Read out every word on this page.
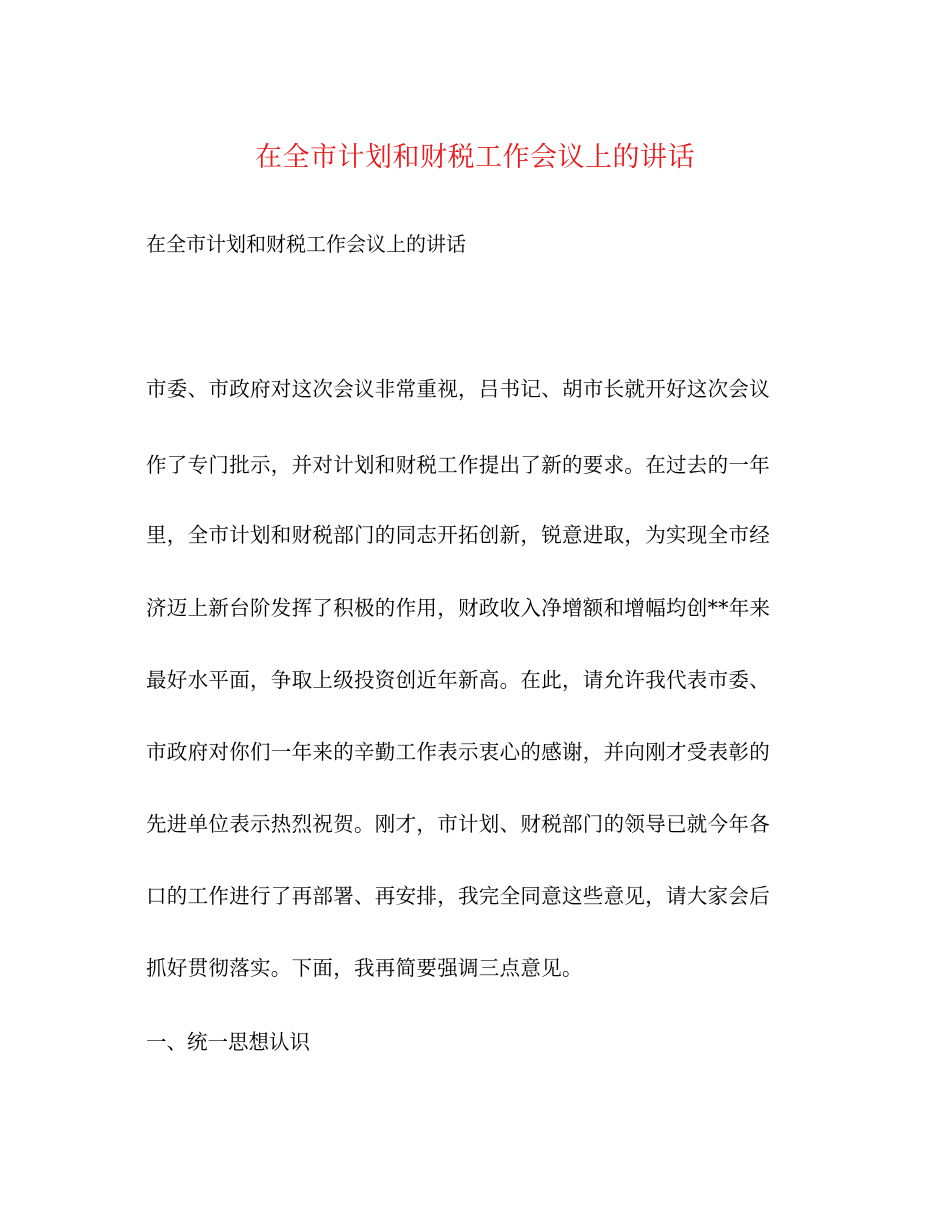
在全市计划和财税工作会议上的讲话
在全市计划和财税工作会议上的讲话
市委、市政府对这次会议非常重视，吕书记、胡市长就开好这次会议
作了专门批示，并对计划和财税工作提出了新的要求。在过去的一年
里，全市计划和财税部门的同志开拓创新，锐意进取，为实现全市经
济迈上新台阶发挥了积极的作用，财政收入净增额和增幅均创**年来
最好水平面，争取上级投资创近年新高。在此，请允许我代表市委、
市政府对你们一年来的辛勤工作表示衷心的感谢，并向刚才受表彰的
先进单位表示热烈祝贺。刚才，市计划、财税部门的领导已就今年各
口的工作进行了再部署、再安排，我完全同意这些意见，请大家会后
抓好贯彻落实。下面，我再简要强调三点意见。
一、统一思想认识
